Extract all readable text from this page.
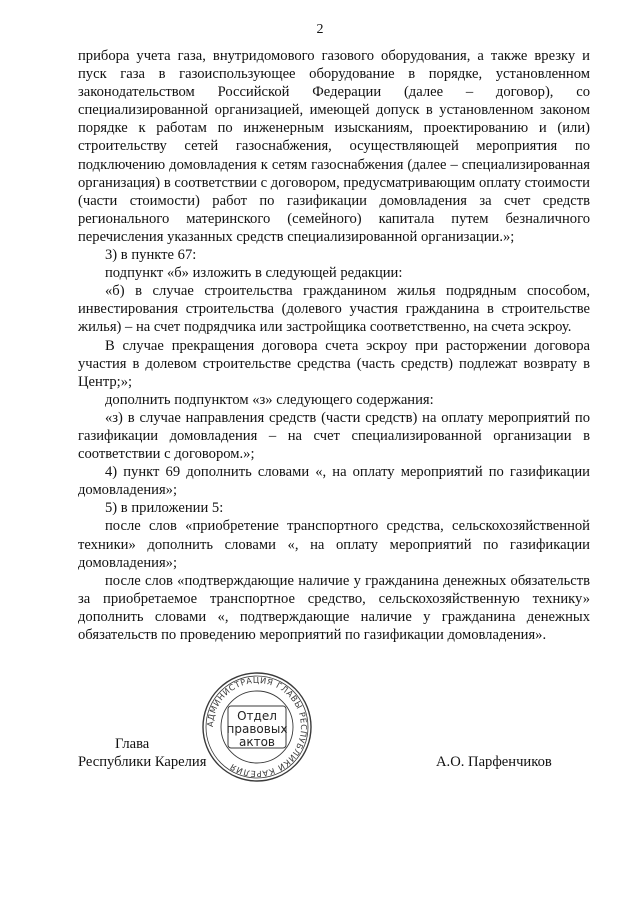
2

прибора учета газа, внутридомового газового оборудования, а также врезку и пуск газа в газоиспользующее оборудование в порядке, установленном законодательством Российской Федерации (далее – договор), со специализированной организацией, имеющей допуск в установленном законом порядке к работам по инженерным изысканиям, проектированию и (или) строительству сетей газоснабжения, осуществляющей мероприятия по подключению домовладения к сетям газоснабжения (далее – специализированная организация) в соответствии с договором, предусматривающим оплату стоимости (части стоимости) работ по газификации домовладения за счет средств регионального материнского (семейного) капитала путем безналичного перечисления указанных средств специализированной организации.»;

3) в пункте 67:

подпункт «б» изложить в следующей редакции:

«б) в случае строительства гражданином жилья подрядным способом, инвестирования строительства (долевого участия гражданина в строительстве жилья) – на счет подрядчика или застройщика соответственно, на счета эскроу.

В случае прекращения договора счета эскроу при расторжении договора участия в долевом строительстве средства (часть средств) подлежат возврату в Центр;»;

дополнить подпунктом «з» следующего содержания:

«з) в случае направления средств (части средств) на оплату мероприятий по газификации домовладения – на счет специализированной организации в соответствии с договором.»;

4) пункт 69 дополнить словами «, на оплату мероприятий по газификации домовладения»;

5) в приложении 5:

после слов «приобретение транспортного средства, сельскохозяйственной техники» дополнить словами «, на оплату мероприятий по газификации домовладения»;

после слов «подтверждающие наличие у гражданина денежных обязательств за приобретаемое транспортное средство, сельскохозяйственную технику» дополнить словами «, подтверждающие наличие у гражданина денежных обязательств по проведению мероприятий по газификации домовладения».

Глава
Республики Карелия
АДМИНИСТРАЦИЯ ГЛАВЫ РЕСПУБЛИКИ КАРЕЛИЯ
Отдел
правовых
актов
А.О. Парфенчиков
